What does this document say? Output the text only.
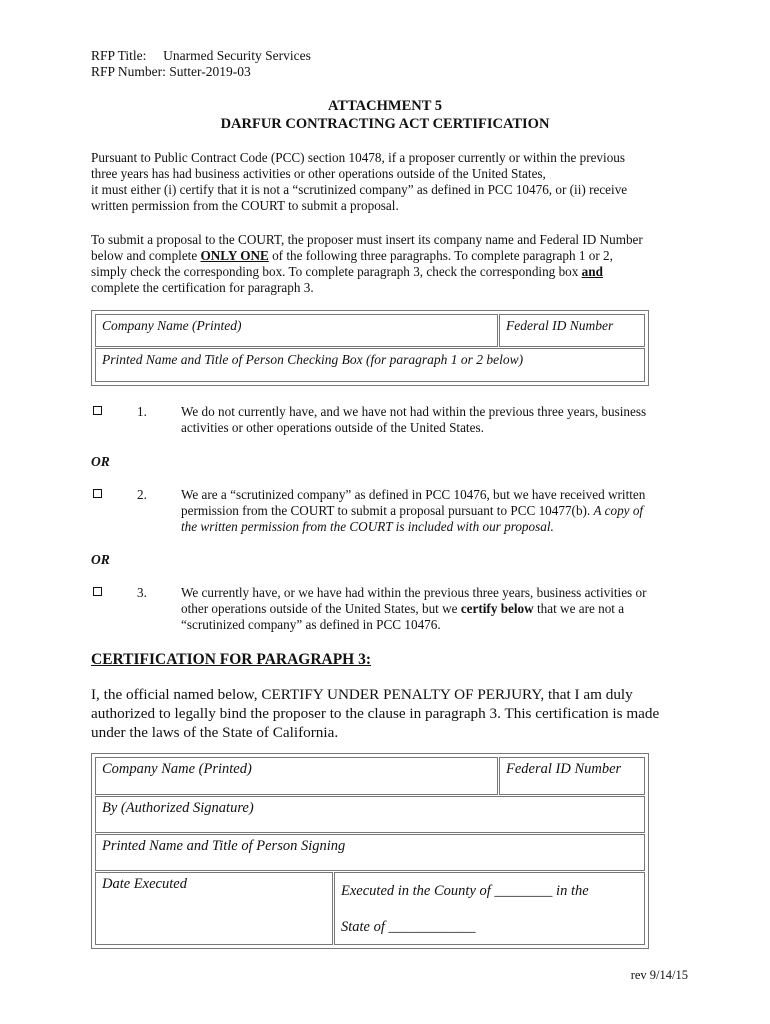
RFP Title: Unarmed Security Services
RFP Number: Sutter-2019-03
ATTACHMENT 5
DARFUR CONTRACTING ACT CERTIFICATION
Pursuant to Public Contract Code (PCC) section 10478, if a proposer currently or within the previous
three years has had business activities or other operations outside of the United States,
it must either (i) certify that it is not a “scrutinized company” as defined in PCC 10476, or (ii) receive
written permission from the COURT to submit a proposal.
To submit a proposal to the COURT, the proposer must insert its company name and Federal ID Number
below and complete ONLY ONE of the following three paragraphs. To complete paragraph 1 or 2,
simply check the corresponding box. To complete paragraph 3, check the corresponding box and
complete the certification for paragraph 3.
Company Name (Printed)	Federal ID Number
Printed Name and Title of Person Checking Box (for paragraph 1 or 2 below)
1.	We do not currently have, and we have not had within the previous three years, business
activities or other operations outside of the United States.
OR
2.	We are a “scrutinized company” as defined in PCC 10476, but we have received written
permission from the COURT to submit a proposal pursuant to PCC 10477(b). A copy of
the written permission from the COURT is included with our proposal.
OR
3.	We currently have, or we have had within the previous three years, business activities or
other operations outside of the United States, but we certify below that we are not a
“scrutinized company” as defined in PCC 10476.
CERTIFICATION FOR PARAGRAPH 3:
I, the official named below, CERTIFY UNDER PENALTY OF PERJURY, that I am duly
authorized to legally bind the proposer to the clause in paragraph 3. This certification is made
under the laws of the State of California.
Company Name (Printed)	Federal ID Number
By (Authorized Signature)
Printed Name and Title of Person Signing
Date Executed	Executed in the County of ________ in the
State of ____________
rev 9/14/15
